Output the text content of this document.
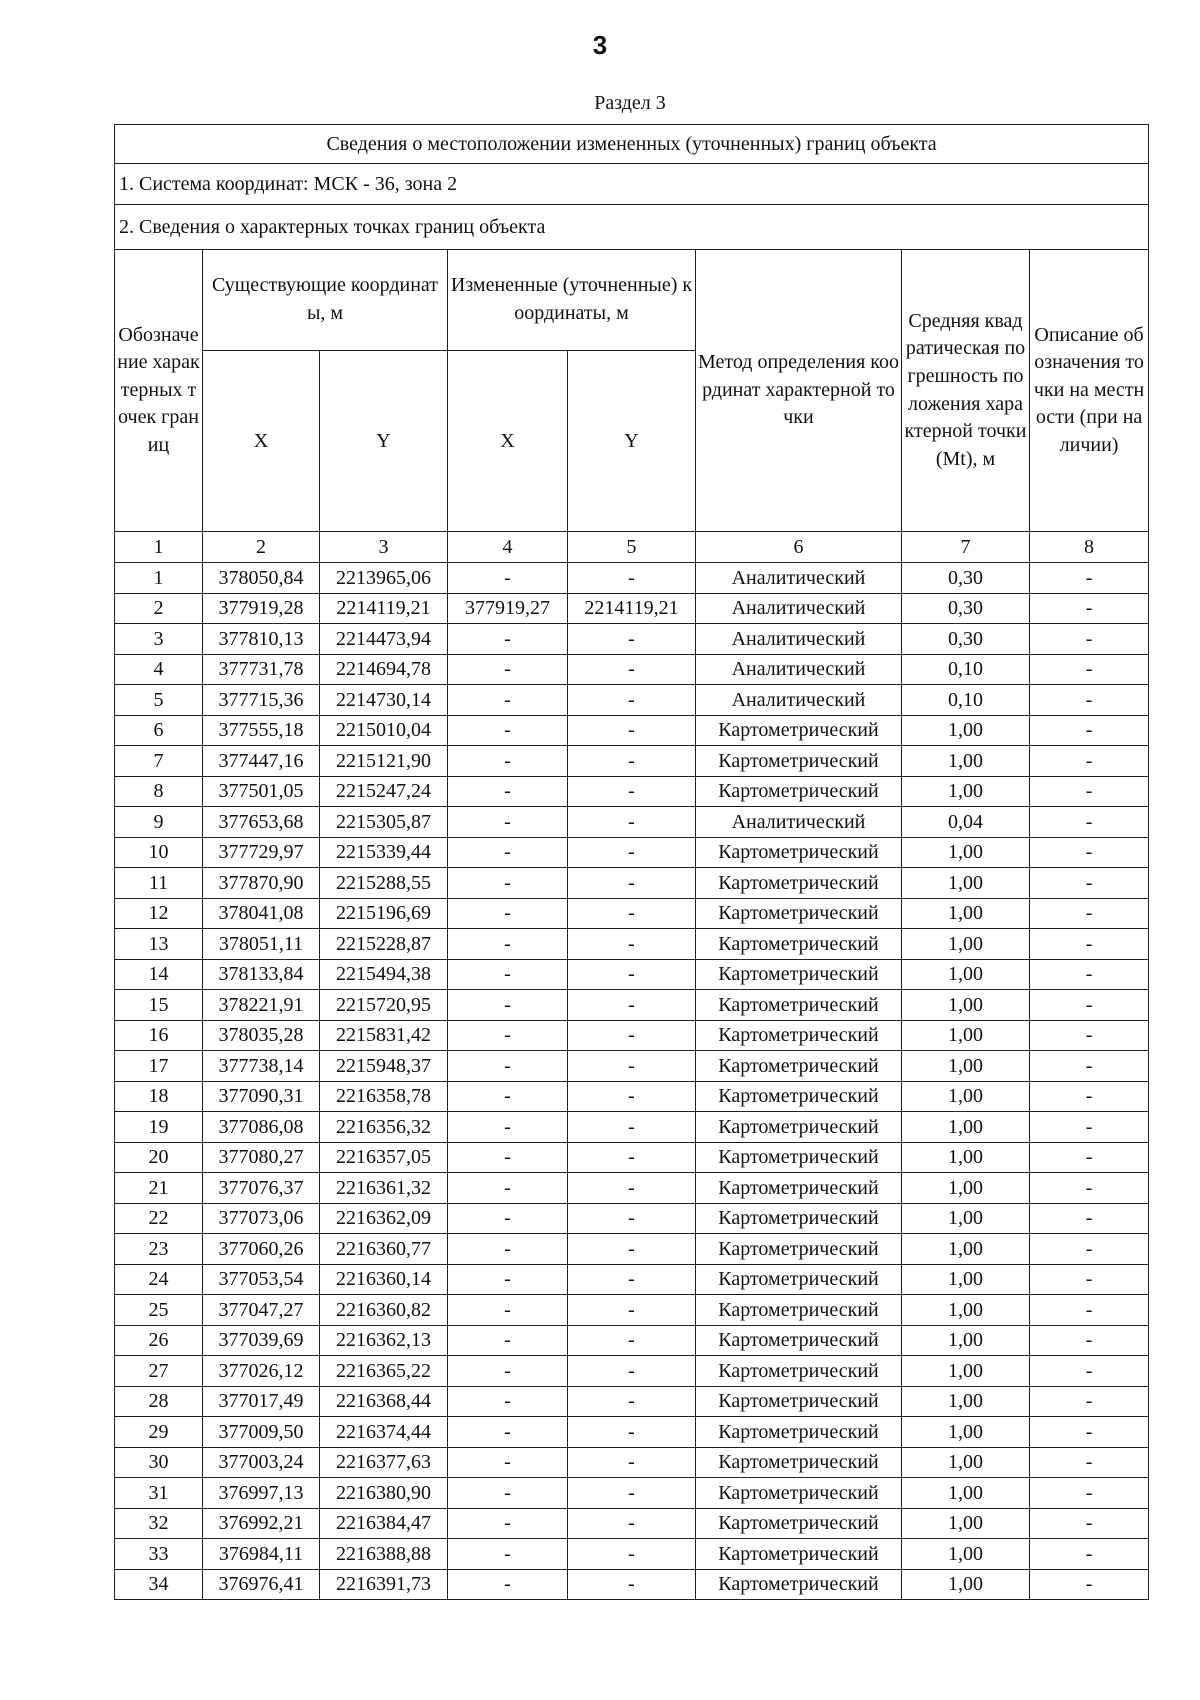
3
Раздел 3
Сведения о местоположении измененных (уточненных) границ объекта							
1. Система координат: МСК - 36, зона 2							
2. Сведения о характерных точках границ объекта							
Обозначение характерных точек границ	Существующие координаты, м		Измененные (уточненные) координаты, м		Метод определения координат характерной точки	Средняя квадратическая погрешность положения характерной точки (Mt), м	Описание обозначения точки на местности (при наличии)
	X	Y	X	Y			
1	2	3	4	5	6	7	8
1	378050,84	2213965,06	-	-	Аналитический	0,30	-
2	377919,28	2214119,21	377919,27	2214119,21	Аналитический	0,30	-
3	377810,13	2214473,94	-	-	Аналитический	0,30	-
4	377731,78	2214694,78	-	-	Аналитический	0,10	-
5	377715,36	2214730,14	-	-	Аналитический	0,10	-
6	377555,18	2215010,04	-	-	Картометрический	1,00	-
7	377447,16	2215121,90	-	-	Картометрический	1,00	-
8	377501,05	2215247,24	-	-	Картометрический	1,00	-
9	377653,68	2215305,87	-	-	Аналитический	0,04	-
10	377729,97	2215339,44	-	-	Картометрический	1,00	-
11	377870,90	2215288,55	-	-	Картометрический	1,00	-
12	378041,08	2215196,69	-	-	Картометрический	1,00	-
13	378051,11	2215228,87	-	-	Картометрический	1,00	-
14	378133,84	2215494,38	-	-	Картометрический	1,00	-
15	378221,91	2215720,95	-	-	Картометрический	1,00	-
16	378035,28	2215831,42	-	-	Картометрический	1,00	-
17	377738,14	2215948,37	-	-	Картометрический	1,00	-
18	377090,31	2216358,78	-	-	Картометрический	1,00	-
19	377086,08	2216356,32	-	-	Картометрический	1,00	-
20	377080,27	2216357,05	-	-	Картометрический	1,00	-
21	377076,37	2216361,32	-	-	Картометрический	1,00	-
22	377073,06	2216362,09	-	-	Картометрический	1,00	-
23	377060,26	2216360,77	-	-	Картометрический	1,00	-
24	377053,54	2216360,14	-	-	Картометрический	1,00	-
25	377047,27	2216360,82	-	-	Картометрический	1,00	-
26	377039,69	2216362,13	-	-	Картометрический	1,00	-
27	377026,12	2216365,22	-	-	Картометрический	1,00	-
28	377017,49	2216368,44	-	-	Картометрический	1,00	-
29	377009,50	2216374,44	-	-	Картометрический	1,00	-
30	377003,24	2216377,63	-	-	Картометрический	1,00	-
31	376997,13	2216380,90	-	-	Картометрический	1,00	-
32	376992,21	2216384,47	-	-	Картометрический	1,00	-
33	376984,11	2216388,88	-	-	Картометрический	1,00	-
34	376976,41	2216391,73	-	-	Картометрический	1,00	-
